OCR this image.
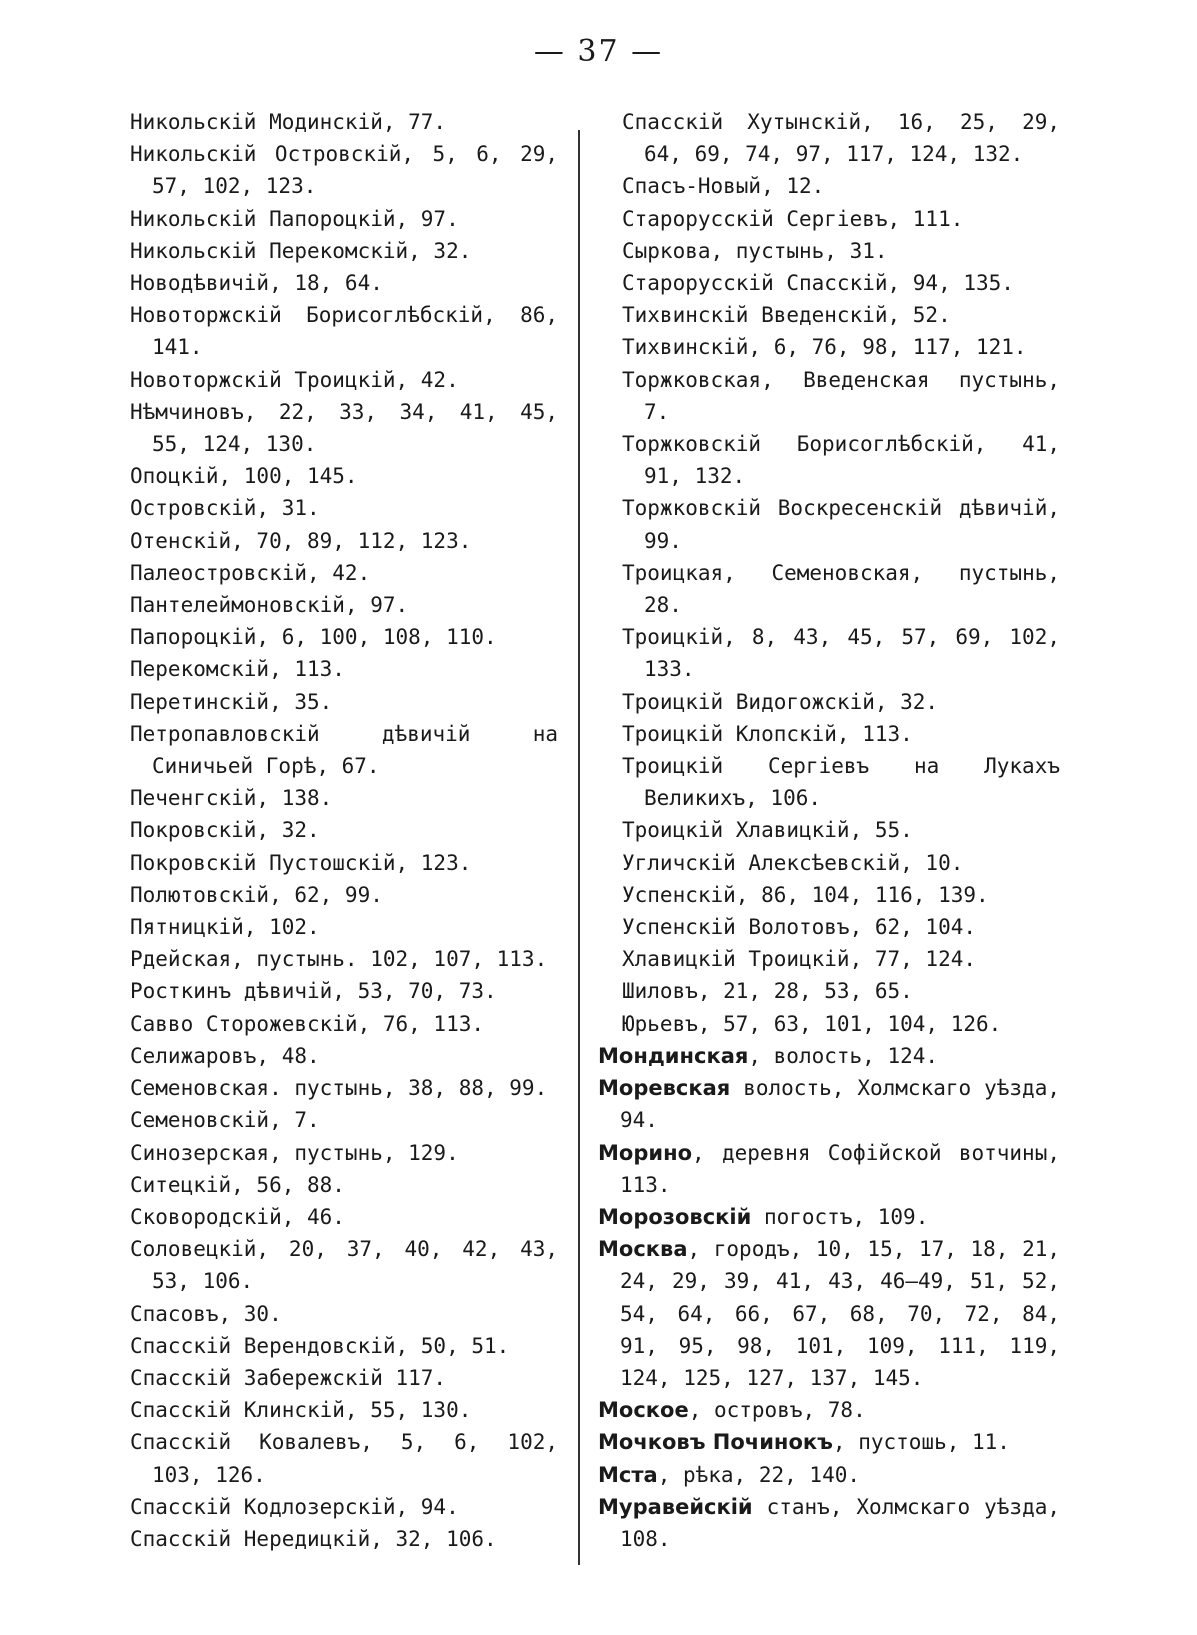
— 37 —
Никольскій Модинскій, 77.
Никольскій Островскій, 5, 6, 29, 57, 102, 123.
Никольскій Папороцкій, 97.
Никольскій Перекомскій, 32.
Новодѣвичій, 18, 64.
Новоторжскій Борисоглѣбскій, 86, 141.
Новоторжскій Троицкій, 42.
Нѣмчиновъ, 22, 33, 34, 41, 45, 55, 124, 130.
Опоцкій, 100, 145.
Островскій, 31.
Отенскій, 70, 89, 112, 123.
Палеостровскій, 42.
Пантелеймоновскій, 97.
Папороцкій, 6, 100, 108, 110.
Перекомскій, 113.
Перетинскій, 35.
Петропавловскій дѣвичій на Синичьей Горѣ, 67.
Печенгскій, 138.
Покровскій, 32.
Покровскій Пустошскій, 123.
Полютовскій, 62, 99.
Пятницкій, 102.
Рдейская, пустынь. 102, 107, 113.
Росткинъ дѣвичій, 53, 70, 73.
Савво Сторожевскій, 76, 113.
Селижаровъ, 48.
Семеновская. пустынь, 38, 88, 99.
Семеновскій, 7.
Синозерская, пустынь, 129.
Ситецкій, 56, 88.
Сковородскій, 46.
Соловецкій, 20, 37, 40, 42, 43, 53, 106.
Спасовъ, 30.
Спасскій Верендовскій, 50, 51.
Спасскій Забережскій 117.
Спасскій Клинскій, 55, 130.
Спасскій Ковалевъ, 5, 6, 102, 103, 126.
Спасскій Кодлозерскій, 94.
Спасскій Нередицкій, 32, 106.
Спасскій Хутынскій, 16, 25, 29, 64, 69, 74, 97, 117, 124, 132.
Спасъ-Новый, 12.
Старорусскій Сергіевъ, 111.
Сыркова, пустынь, 31.
Старорусскій Спасскій, 94, 135.
Тихвинскій Введенскій, 52.
Тихвинскій, 6, 76, 98, 117, 121.
Торжковская, Введенская пустынь, 7.
Торжковскій Борисоглѣбскій, 41, 91, 132.
Торжковскій Воскресенскій дѣвичій, 99.
Троицкая, Семеновская, пустынь, 28.
Троицкій, 8, 43, 45, 57, 69, 102, 133.
Троицкій Видогожскій, 32.
Троицкій Клопскій, 113.
Троицкій Сергіевъ на Лукахъ Великихъ, 106.
Троицкій Хлавицкій, 55.
Угличскій Алексѣевскій, 10.
Успенскій, 86, 104, 116, 139.
Успенскій Волотовъ, 62, 104.
Хлавицкій Троицкій, 77, 124.
Шиловъ, 21, 28, 53, 65.
Юрьевъ, 57, 63, 101, 104, 126.
Мондинская, волость, 124.
Моревская волость, Холмскаго уѣзда, 94.
Морино, деревня Софійской вотчины, 113.
Морозовскій погостъ, 109.
Москва, городъ, 10, 15, 17, 18, 21, 24, 29, 39, 41, 43, 46—49, 51, 52, 54, 64, 66, 67, 68, 70, 72, 84, 91, 95, 98, 101, 109, 111, 119, 124, 125, 127, 137, 145.
Моское, островъ, 78.
Мочковъ Починокъ, пустошь, 11.
Мста, рѣка, 22, 140.
Муравейскій станъ, Холмскаго уѣзда, 108.
